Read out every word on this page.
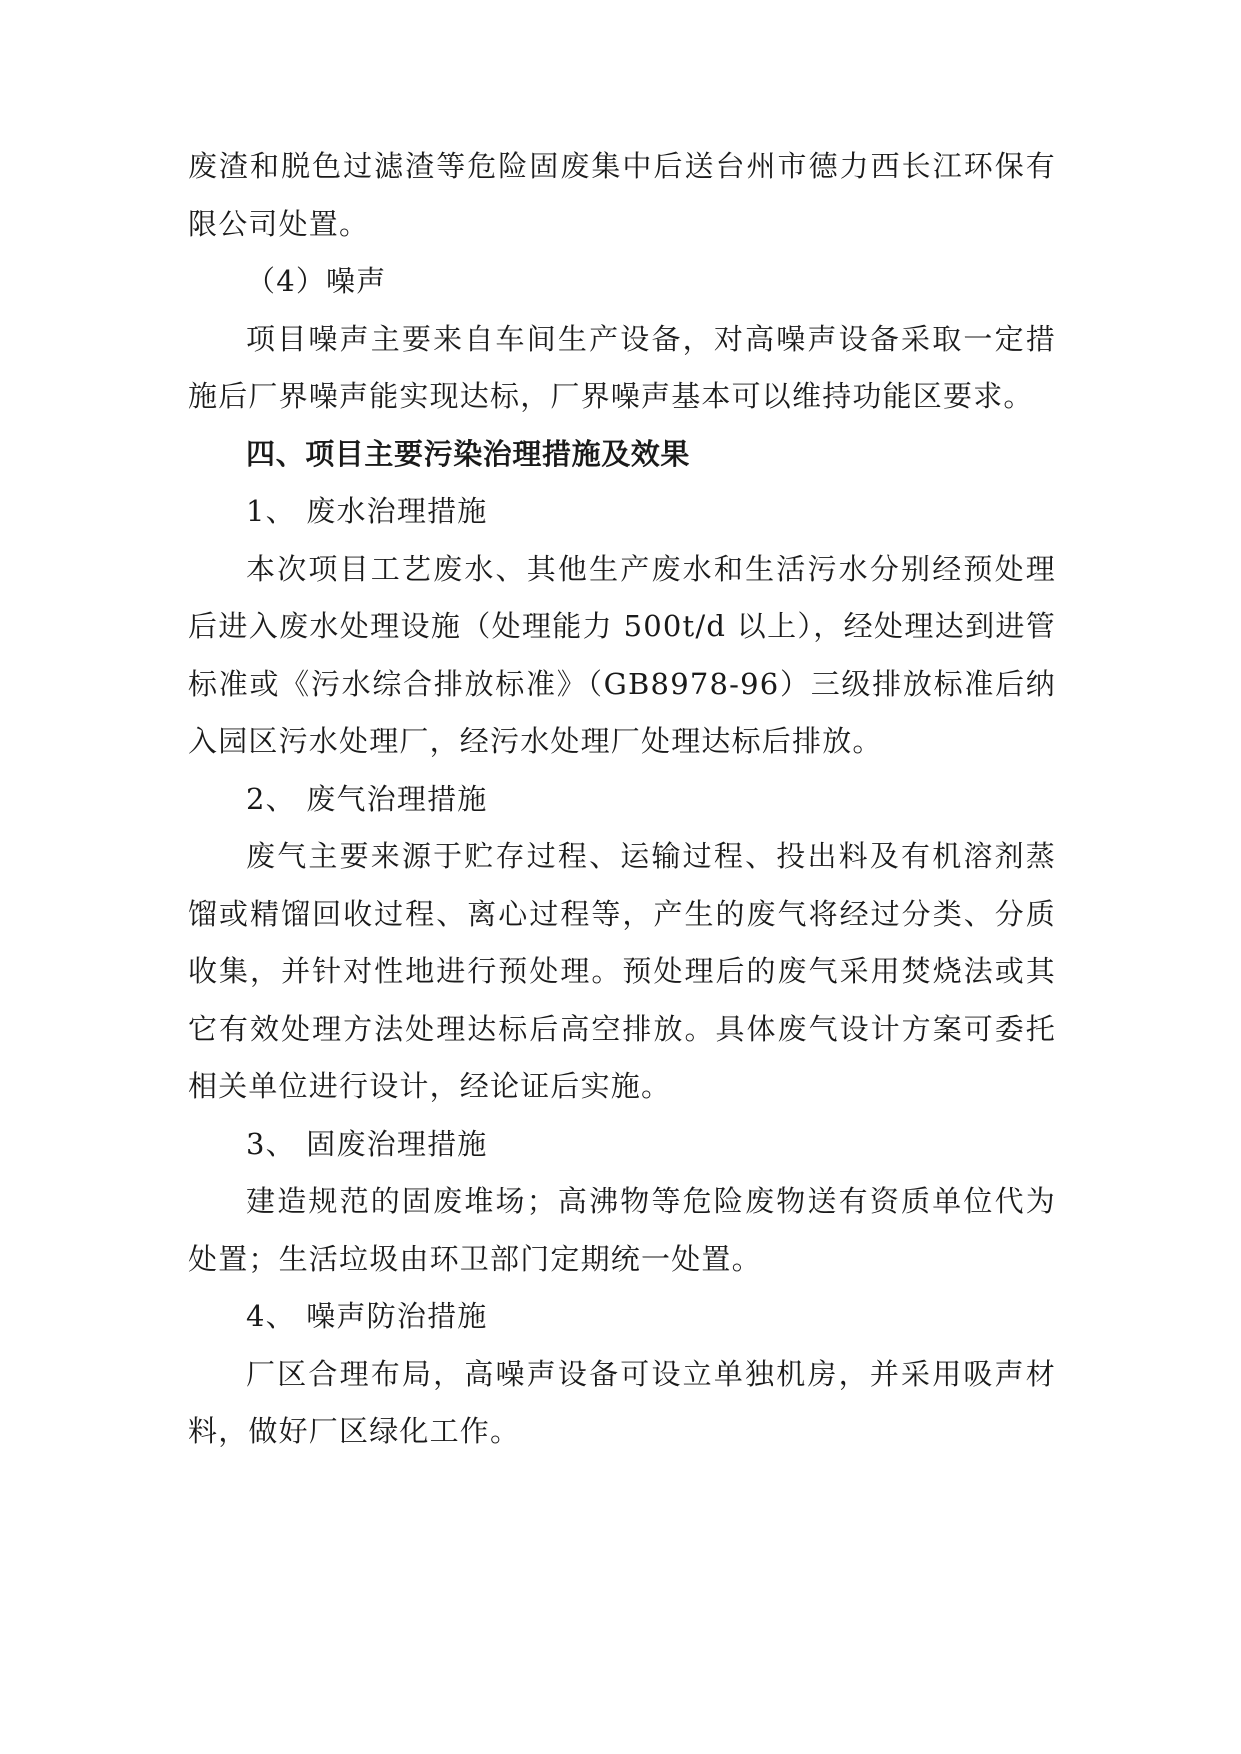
废渣和脱色过滤渣等危险固废集中后送台州市德力西长江环保有限公司处置。

（4）噪声

项目噪声主要来自车间生产设备，对高噪声设备采取一定措施后厂界噪声能实现达标，厂界噪声基本可以维持功能区要求。

四、项目主要污染治理措施及效果

1、 废水治理措施

本次项目工艺废水、其他生产废水和生活污水分别经预处理后进入废水处理设施（处理能力 500t/d 以上），经处理达到进管标准或《污水综合排放标准》（GB8978-96）三级排放标准后纳入园区污水处理厂，经污水处理厂处理达标后排放。

2、 废气治理措施

废气主要来源于贮存过程、运输过程、投出料及有机溶剂蒸馏或精馏回收过程、离心过程等，产生的废气将经过分类、分质收集，并针对性地进行预处理。预处理后的废气采用焚烧法或其它有效处理方法处理达标后高空排放。具体废气设计方案可委托相关单位进行设计，经论证后实施。

3、 固废治理措施

建造规范的固废堆场；高沸物等危险废物送有资质单位代为处置；生活垃圾由环卫部门定期统一处置。

4、 噪声防治措施

厂区合理布局，高噪声设备可设立单独机房，并采用吸声材料，做好厂区绿化工作。
